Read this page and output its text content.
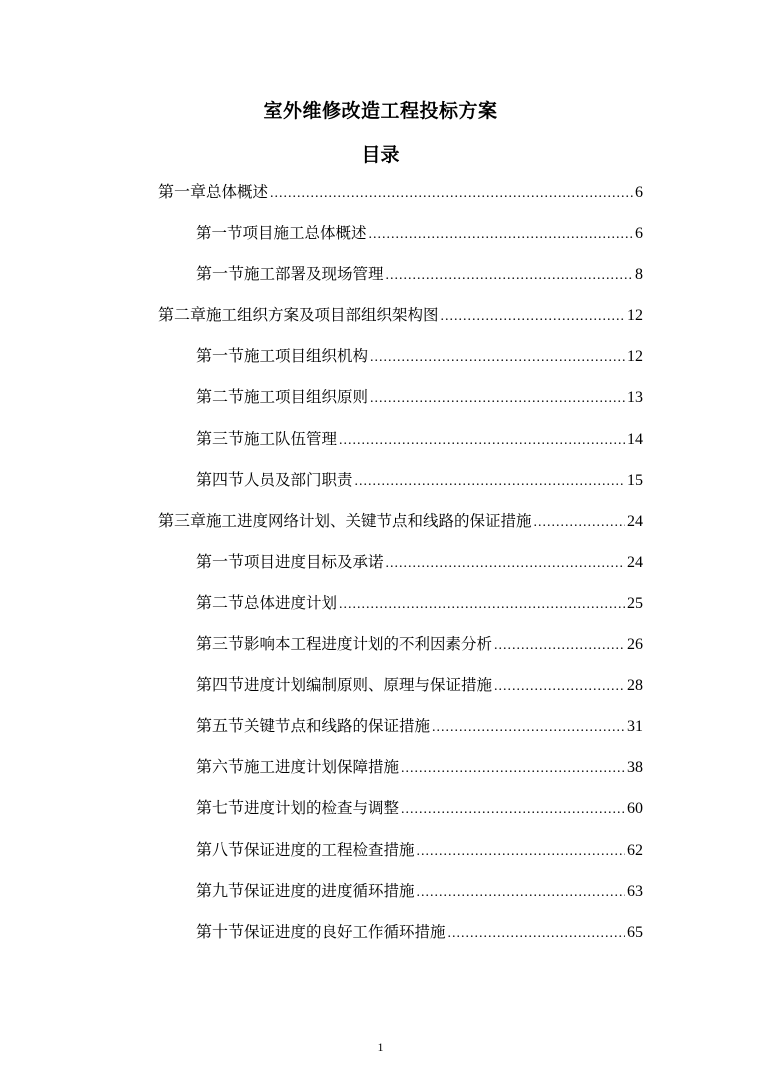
室外维修改造工程投标方案
目录
第一章 总体概述 .....	6
第一节项目施工总体概述 .....	6
第一节 施工部署及现场管理 .....	8
第二章 施工组织方案及项目部组织架构图 .....	12
第一节 施工项目组织机构 .....	12
第二节 施工项目组织原则 .....	13
第三节 施工队伍管理 .....	14
第四节 人员及部门职责 .....	15
第三章 施工进度网络计划、关键节点和线路的保证措施 .....	24
第一节 项目进度目标及承诺 .....	24
第二节 总体进度计划 .....	25
第三节 影响本工程进度计划的不利因素分析 .....	26
第四节 进度计划编制原则、原理与保证措施 .....	28
第五节 关键节点和线路的保证措施 .....	31
第六节 施工进度计划保障措施 .....	38
第七节 进度计划的检查与调整 .....	60
第八节 保证进度的工程检查措施 .....	62
第九节 保证进度的进度循环措施 .....	63
第十节 保证进度的良好工作循环措施 .....	65
1
